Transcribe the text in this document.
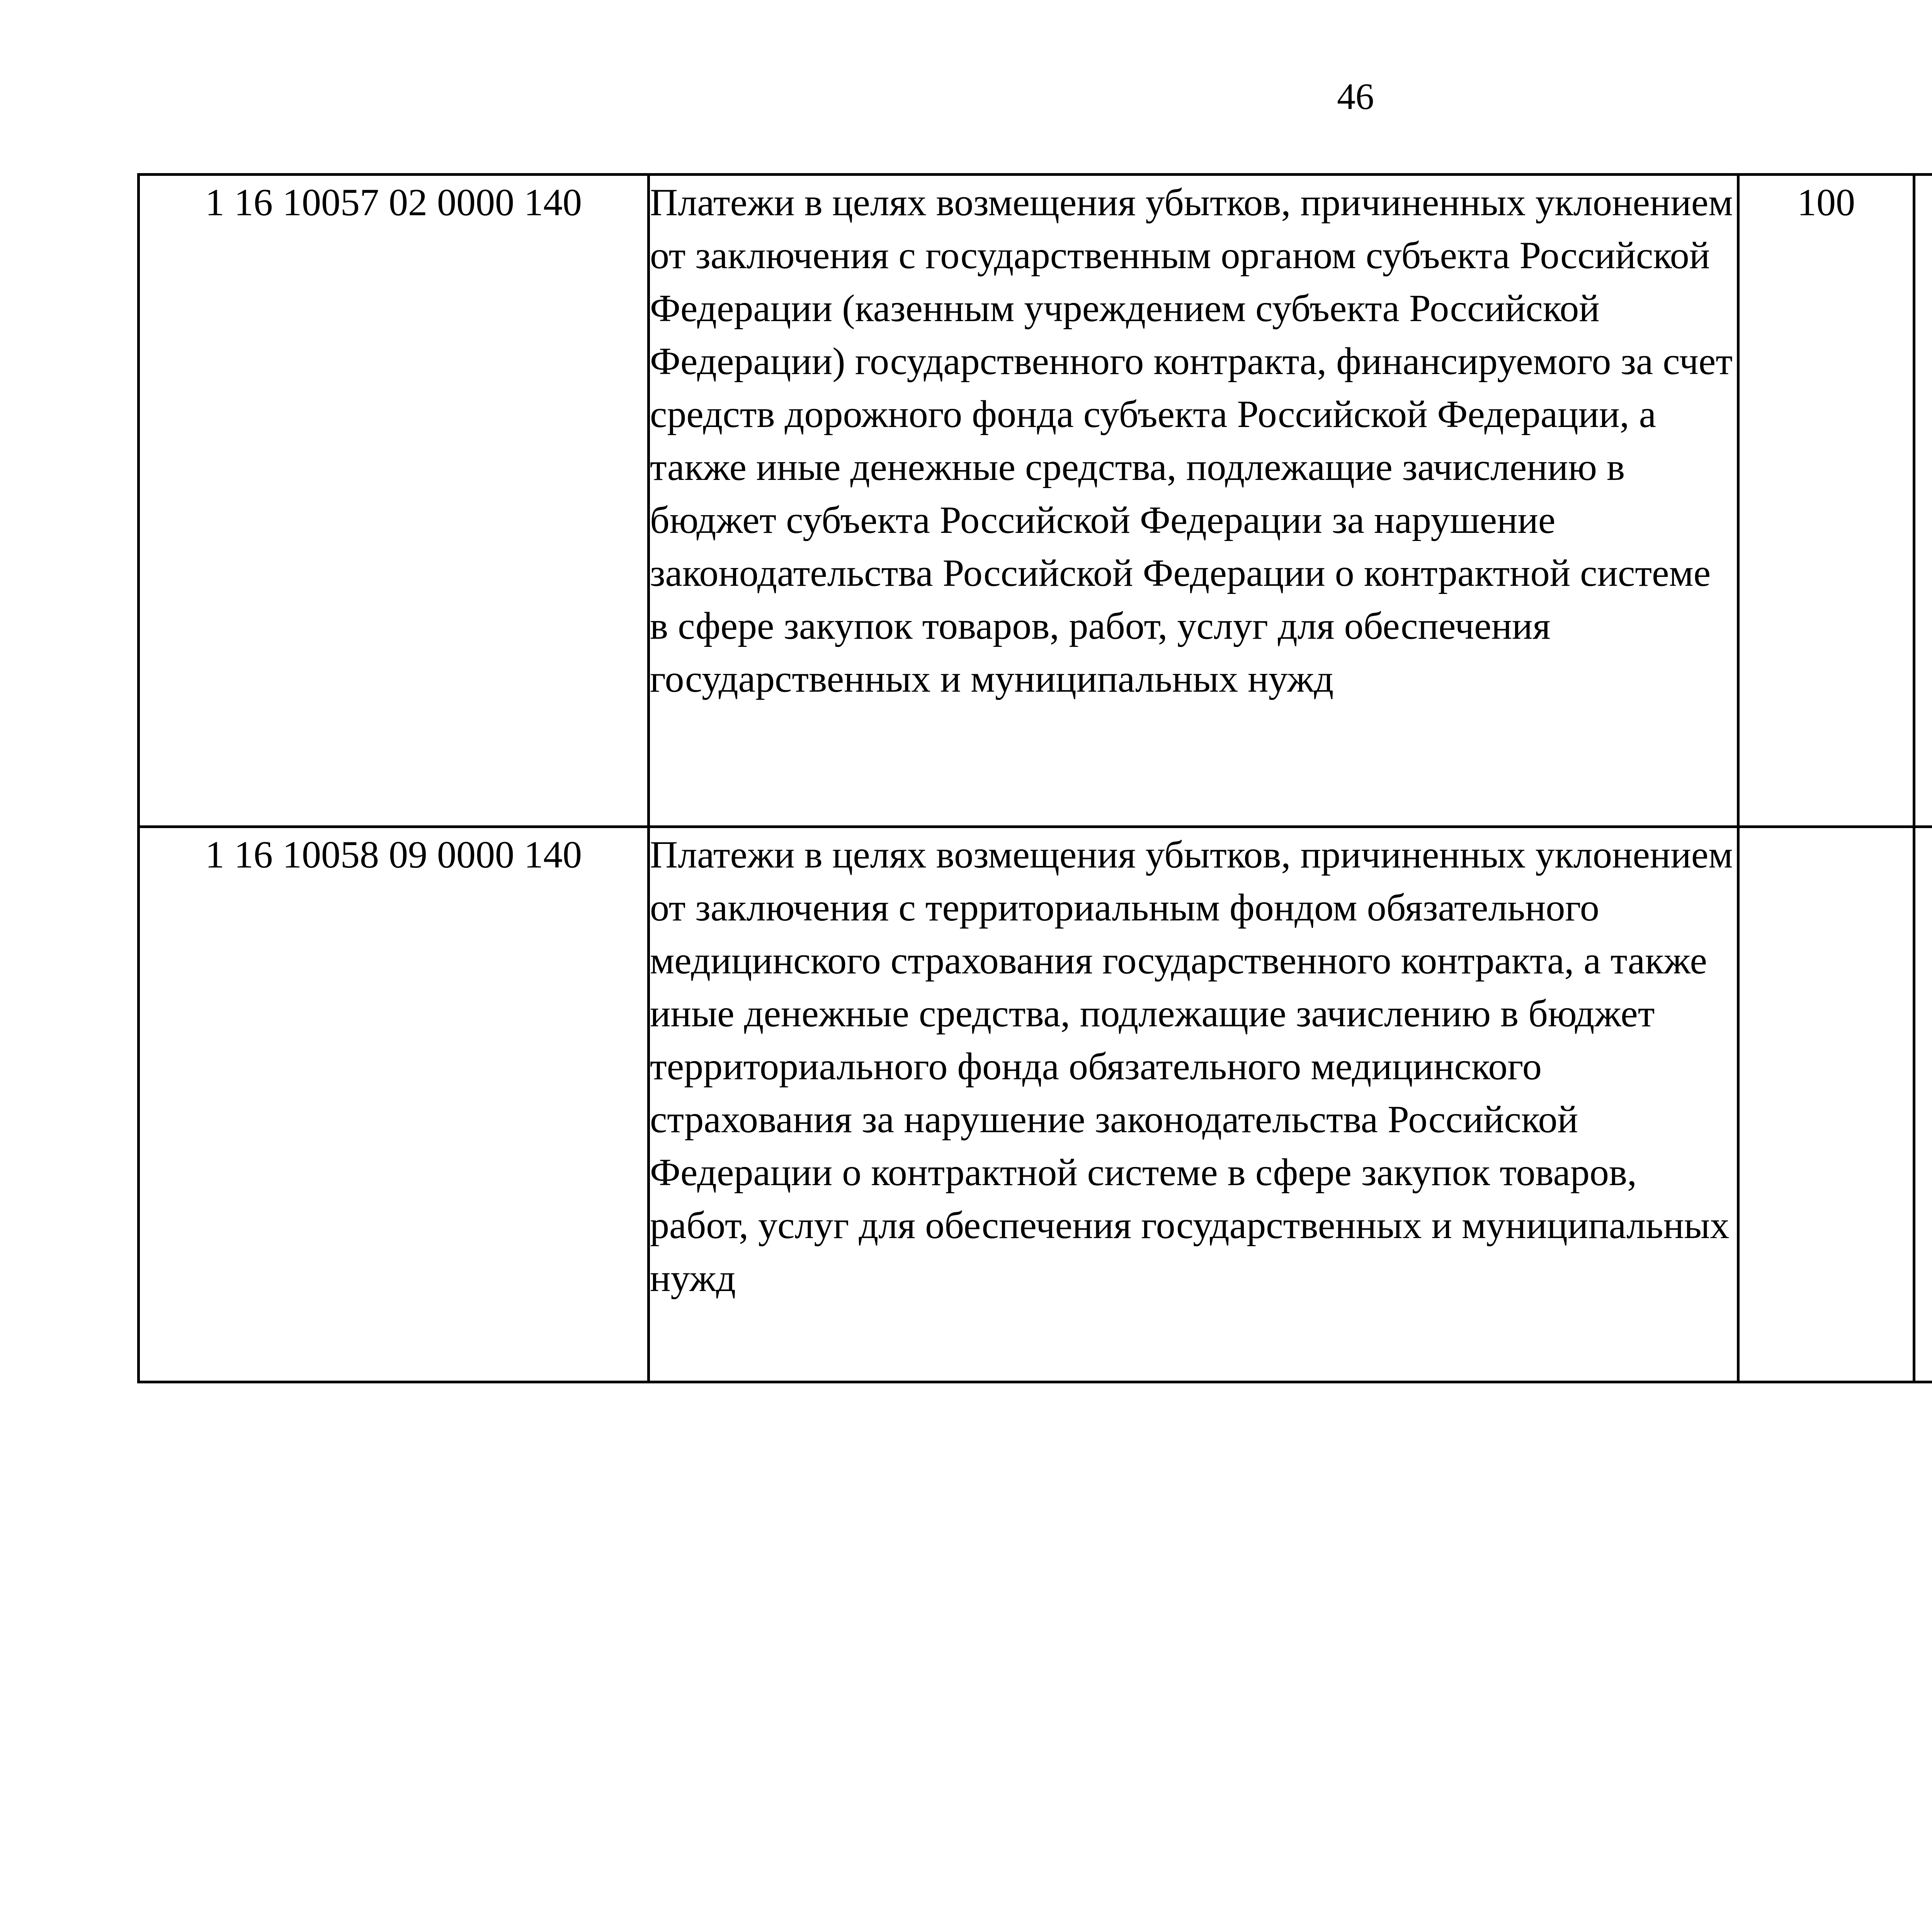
46
1 16 10057 02 0000 140	Платежи в целях возмещения убытков, причиненных уклонением от заключения с государственным органом субъекта Российской Федерации (казенным учреждением субъекта Российской Федерации) государственного контракта, финансируемого за счет средств дорожного фонда субъекта Российской Федерации, а также иные денежные средства, подлежащие зачислению в бюджет субъекта Российской Федерации за нарушение законодательства Российской Федерации о контрактной системе в сфере закупок товаров, работ, услуг для обеспечения государственных и муниципальных нужд	100				
1 16 10058 09 0000 140	Платежи в целях возмещения убытков, причиненных уклонением от заключения с территориальным фондом обязательного медицинского страхования государственного контракта, а также иные денежные средства, подлежащие зачислению в бюджет территориального фонда обязательного медицинского страхования за нарушение законодательства Российской Федерации о контрактной системе в сфере закупок товаров, работ, услуг для обеспечения государственных и муниципальных нужд					
